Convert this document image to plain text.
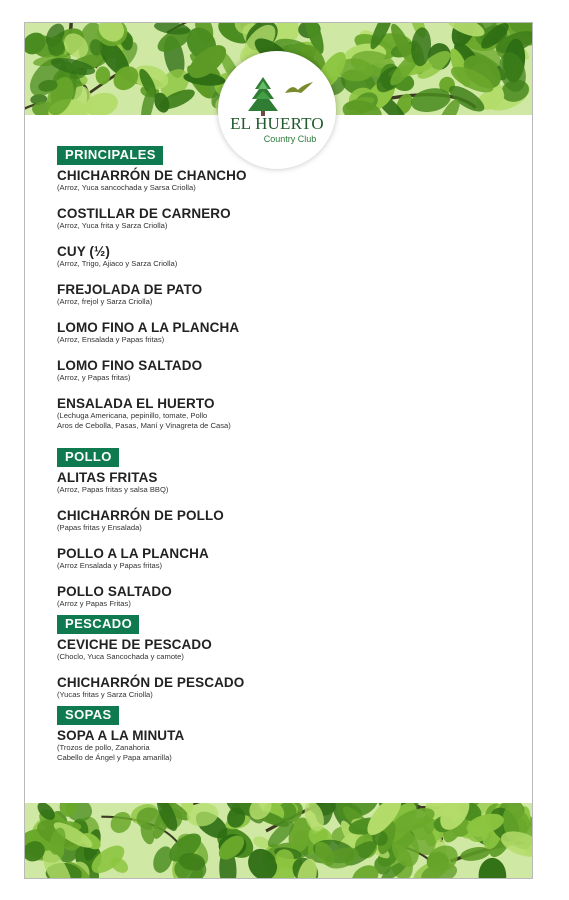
EL HUERTO
Country Club
PRINCIPALES
CHICHARRÓN DE CHANCHO
(Arroz, Yuca sancochada y Sarsa Criolla)
COSTILLAR DE CARNERO
(Arroz, Yuca frita y Sarza Criolla)
CUY (½)
(Arroz, Trigo, Ajiaco y Sarza Criolla)
FREJOLADA DE PATO
(Arroz, frejol y Sarza Criolla)
LOMO FINO A LA PLANCHA
(Arroz, Ensalada y Papas fritas)
LOMO FINO SALTADO
(Arroz, y Papas fritas)
ENSALADA EL HUERTO
(Lechuga Americana, pepinillo, tomate, Pollo
Aros de Cebolla, Pasas, Maní y Vinagreta de Casa)
POLLO
ALITAS FRITAS
(Arroz, Papas fritas y salsa BBQ)
CHICHARRÓN DE POLLO
(Papas fritas y Ensalada)
POLLO A LA PLANCHA
(Arroz Ensalada y Papas fritas)
POLLO SALTADO
(Arroz y Papas Fritas)
PESCADO
CEVICHE DE PESCADO
(Choclo, Yuca Sancochada y camote)
CHICHARRÓN DE PESCADO
(Yucas fritas y Sarza Criolla)
SOPAS
SOPA A LA MINUTA
(Trozos de pollo, Zanahoria
Cabello de Ángel y Papa amarilla)
